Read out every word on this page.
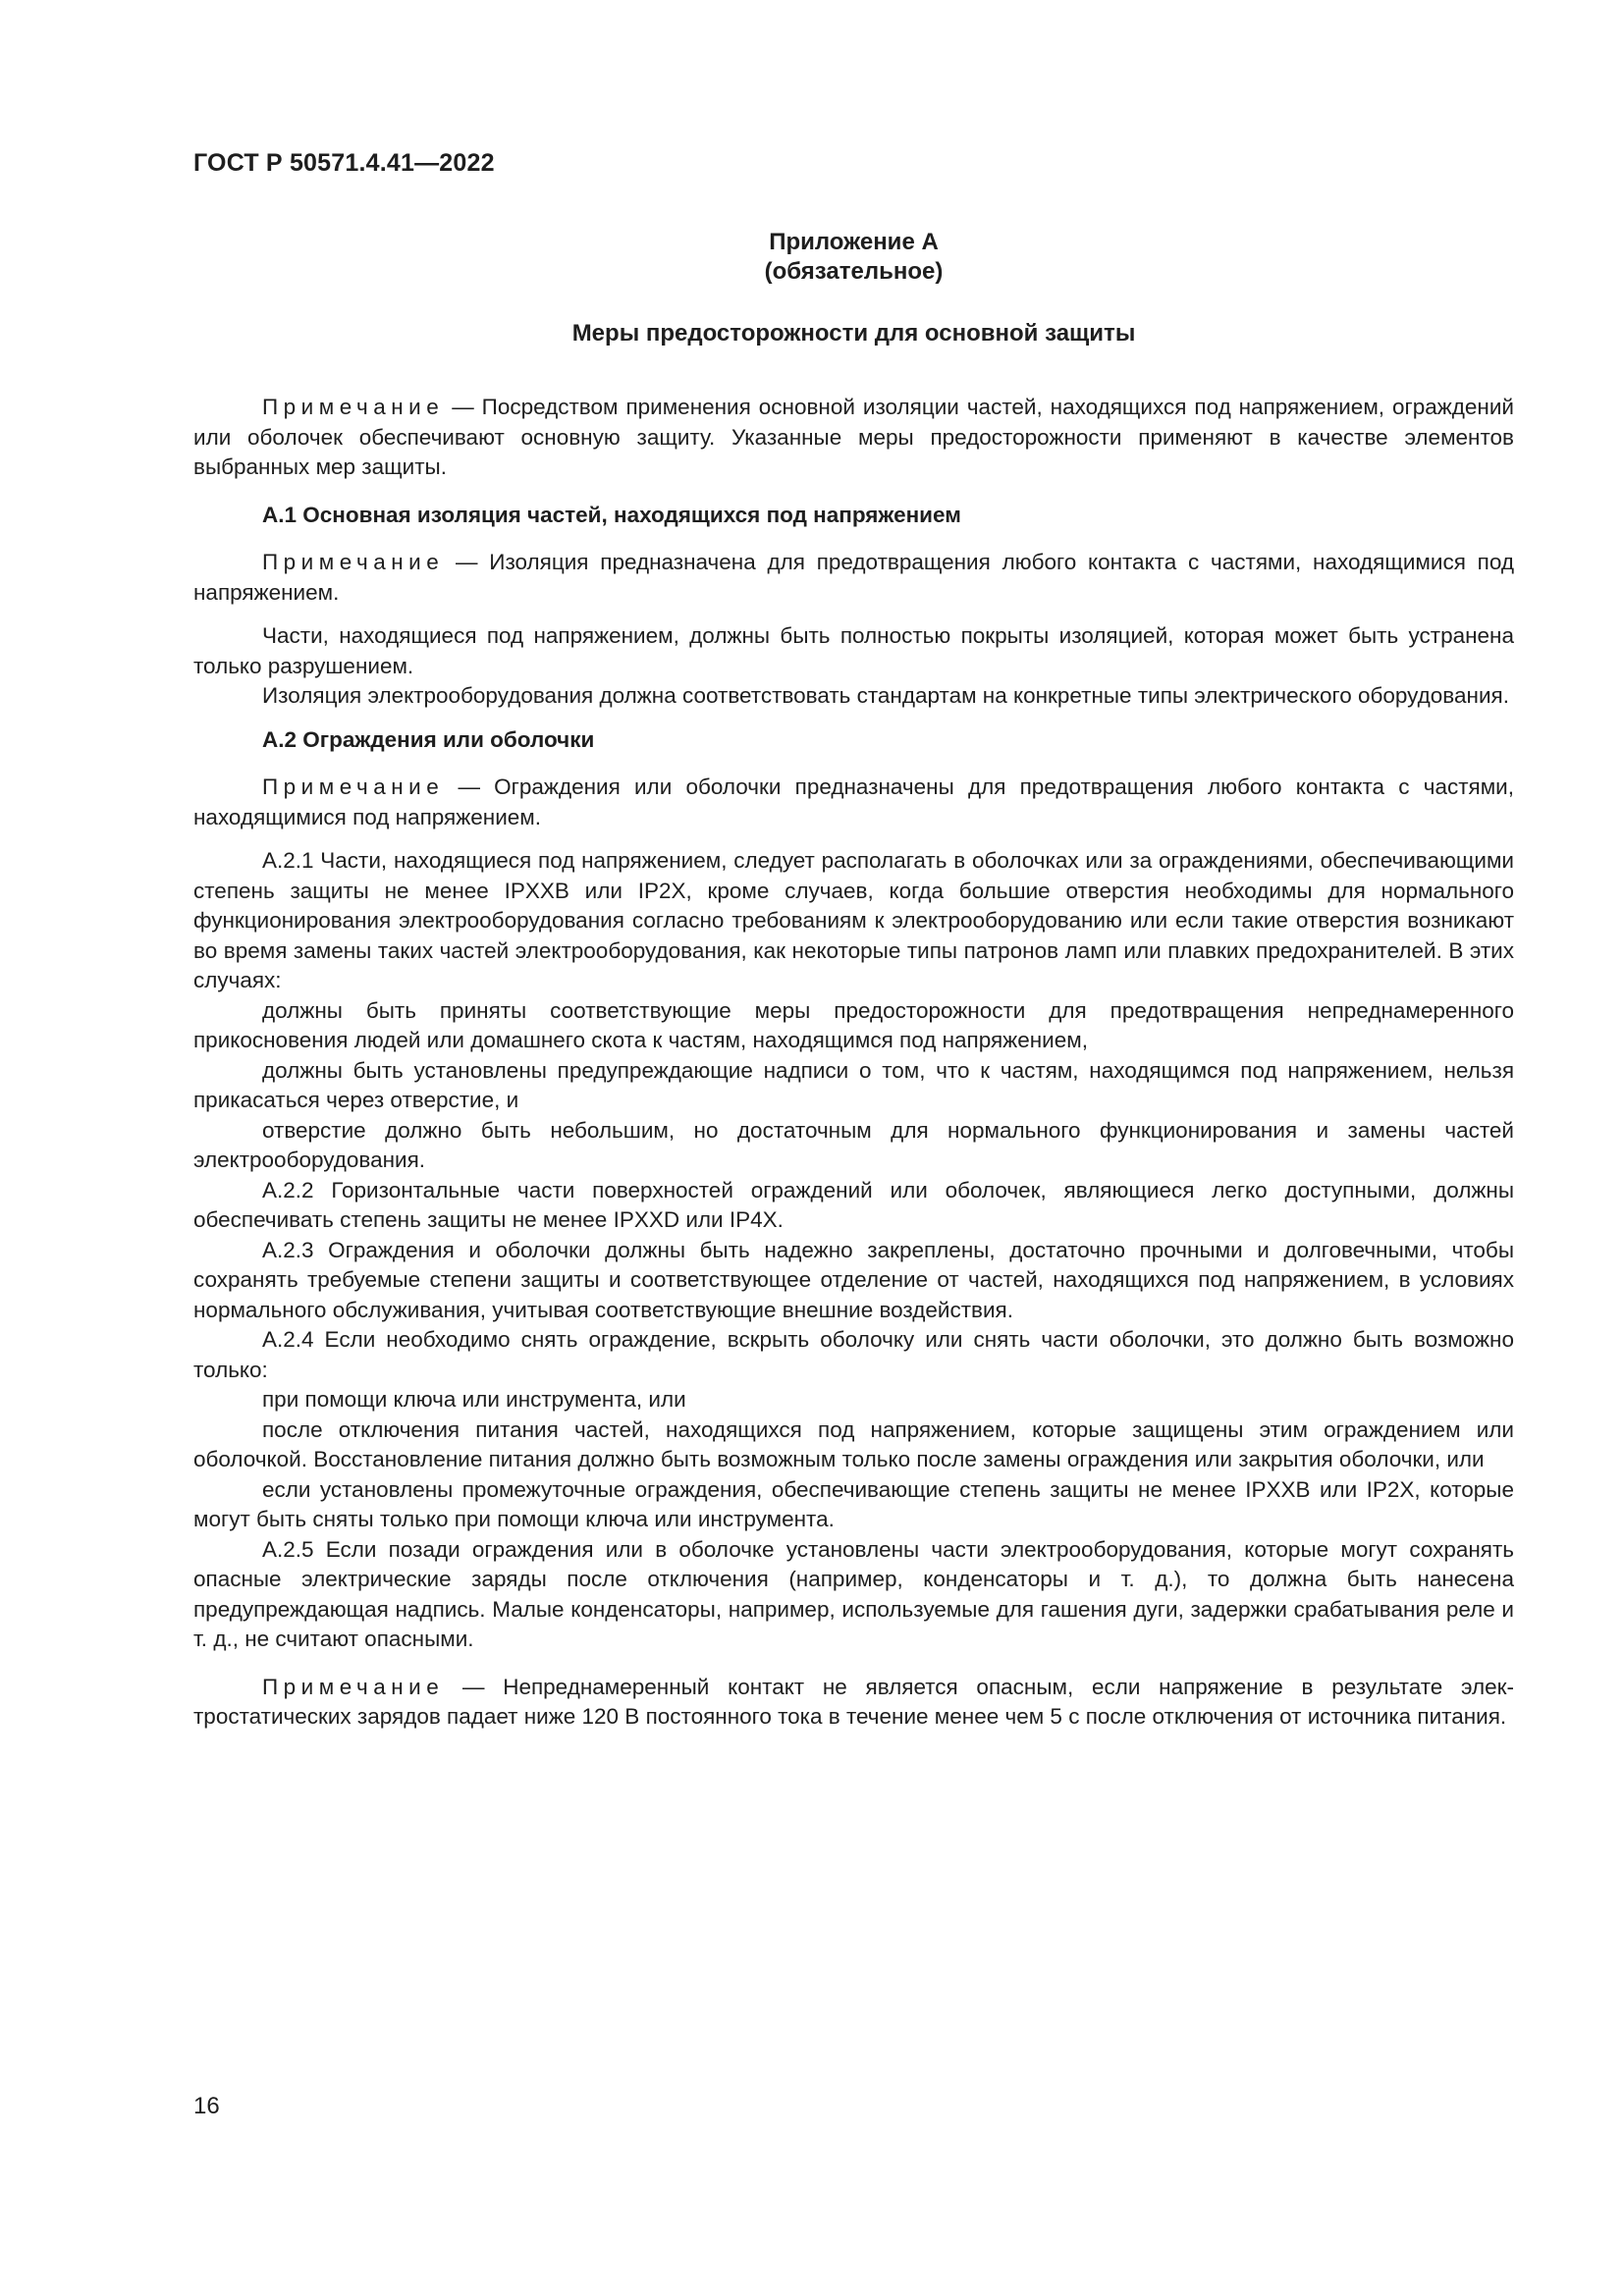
ГОСТ Р 50571.4.41—2022
Приложение А
(обязательное)
Меры предосторожности для основной защиты

Примечание — Посредством применения основной изоляции частей, находящихся под напряжением, ограждений или оболочек обеспечивают основную защиту. Указанные меры предосторожности применяют в качестве элементов выбранных мер защиты.

А.1 Основная изоляция частей, находящихся под напряжением

Примечание — Изоляция предназначена для предотвращения любого контакта с частями, находящимися под напряжением.

Части, находящиеся под напряжением, должны быть полностью покрыты изоляцией, которая может быть устранена только разрушением.

Изоляция электрооборудования должна соответствовать стандартам на конкретные типы электрического оборудования.

А.2 Ограждения или оболочки

Примечание — Ограждения или оболочки предназначены для предотвращения любого контакта с частями, находящимися под напряжением.

А.2.1 Части, находящиеся под напряжением, следует располагать в оболочках или за ограждениями, обеспечивающими степень защиты не менее IPXXB или IP2X, кроме случаев, когда большие отверстия необходимы для нормального функционирования электрооборудования согласно требованиям к электрооборудованию или если такие отверстия возникают во время замены таких частей электрооборудования, как некоторые типы патронов ламп или плавких предохранителей. В этих случаях:

должны быть приняты соответствующие меры предосторожности для предотвращения непреднамеренного прикосновения людей или домашнего скота к частям, находящимся под напряжением,

должны быть установлены предупреждающие надписи о том, что к частям, находящимся под напряжением, нельзя прикасаться через отверстие, и

отверстие должно быть небольшим, но достаточным для нормального функционирования и замены частей электрооборудования.

А.2.2 Горизонтальные части поверхностей ограждений или оболочек, являющиеся легко доступными, должны обеспечивать степень защиты не менее IPXXD или IP4X.

А.2.3 Ограждения и оболочки должны быть надежно закреплены, достаточно прочными и долговечными, чтобы сохранять требуемые степени защиты и соответствующее отделение от частей, находящихся под напряжением, в условиях нормального обслуживания, учитывая соответствующие внешние воздействия.

А.2.4 Если необходимо снять ограждение, вскрыть оболочку или снять части оболочки, это должно быть возможно только:

при помощи ключа или инструмента, или

после отключения питания частей, находящихся под напряжением, которые защищены этим ограждением или оболочкой. Восстановление питания должно быть возможным только после замены ограждения или закрытия оболочки, или

если установлены промежуточные ограждения, обеспечивающие степень защиты не менее IPXXB или IP2X, которые могут быть сняты только при помощи ключа или инструмента.

А.2.5 Если позади ограждения или в оболочке установлены части электрооборудования, которые могут сохранять опасные электрические заряды после отключения (например, конденсаторы и т. д.), то должна быть нанесена предупреждающая надпись. Малые конденсаторы, например, используемые для гашения дуги, задержки срабатывания реле и т. д., не считают опасными.

Примечание — Непреднамеренный контакт не является опасным, если напряжение в результате электростатических зарядов падает ниже 120 В постоянного тока в течение менее чем 5 с после отключения от источника питания.

16
